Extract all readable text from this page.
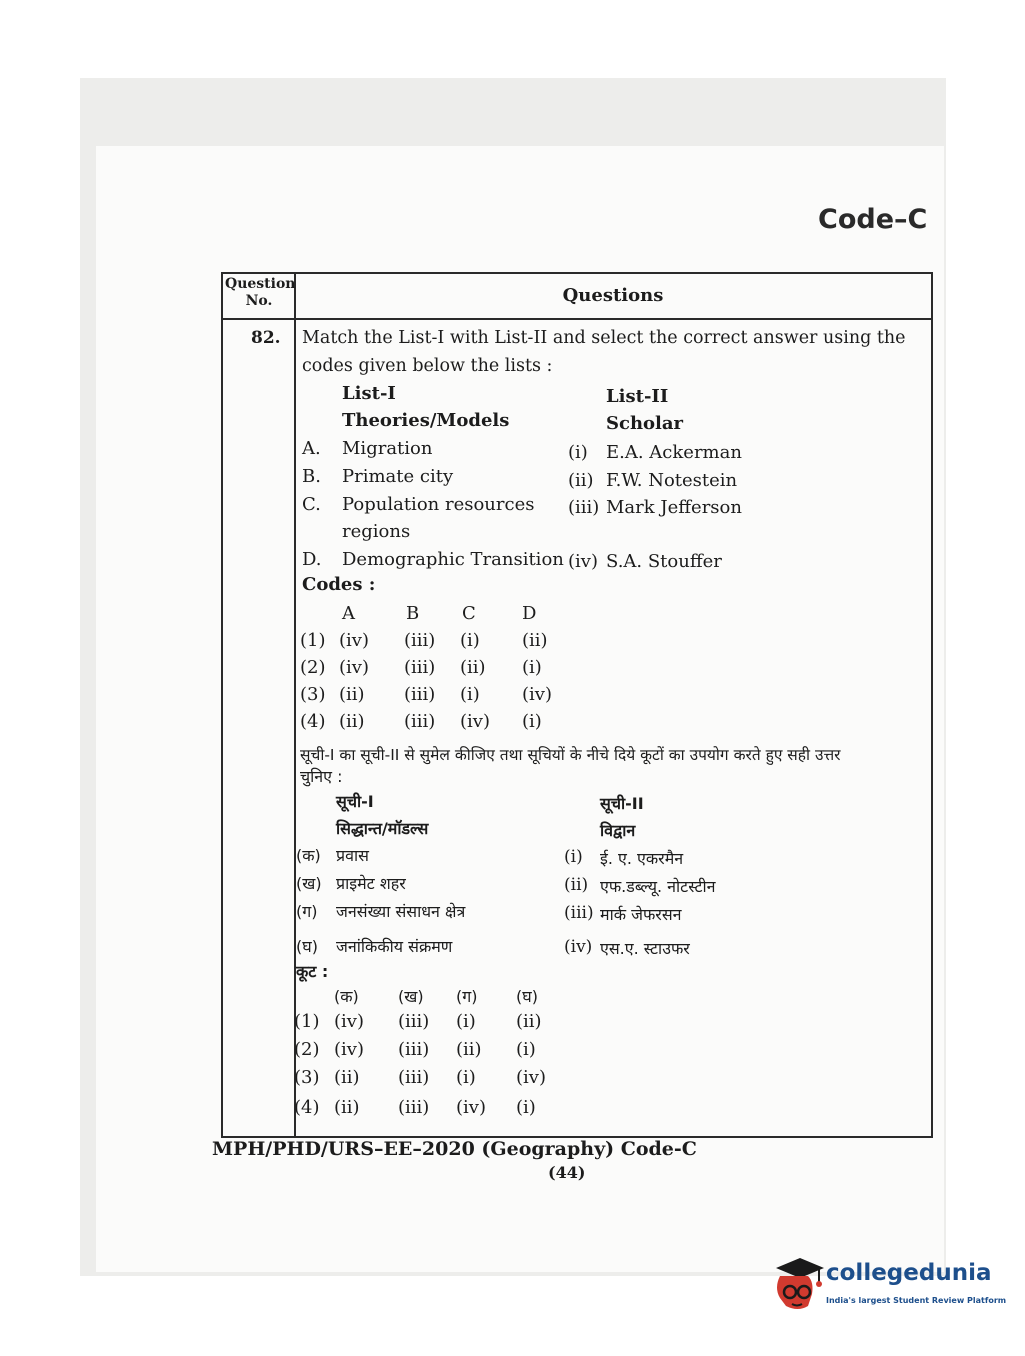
Code–C
Question No.	Questions
82. Match the List-I with List-II and select the correct answer using the
codes given below the lists :
List-I
Theories/Models
List-II
Scholar
A. Migration	(i) E.A. Ackerman
B. Primate city	(ii) F.W. Notestein
C. Population resources (iii) Mark Jefferson
regions
D. Demographic Transition (iv) S.A. Stouffer
Codes :
A	B C	D
(1) (iv) (iii) (i) (ii)
(2) (iv) (iii) (ii) (i)
(3) (ii) (iii) (i) (iv)
(4) (ii) (iii) (iv) (i)
सूची-I का सूची-II से सुमेल कीजिए तथा सूचियों के नीचे दिये कूटों का उपयोग करते हुए सही उत्तर
चुनिए :
सूची-I
सिद्धान्त/मॉडल्स
सूची-II
विद्वान
(क) प्रवास	(i) ई. ए. एकरमैन
(ख) प्राइमेट शहर	(ii) एफ.डब्ल्यू. नोटस्टीन
(ग) जनसंख्या संसाधन क्षेत्र	(iii) मार्क जेफरसन
(घ) जनांकिकीय संक्रमण	(iv) एस.ए. स्टाउफर
कूट :
(क) (ख) (ग) (घ)
(1) (iv) (iii) (i) (ii)
(2) (iv) (iii) (ii) (i)
(3) (ii) (iii) (i) (iv)
(4) (ii) (iii) (iv) (i)
MPH/PHD/URS–EE–2020 (Geography) Code-C
(44)
collegedunia
India's largest Student Review Platform
